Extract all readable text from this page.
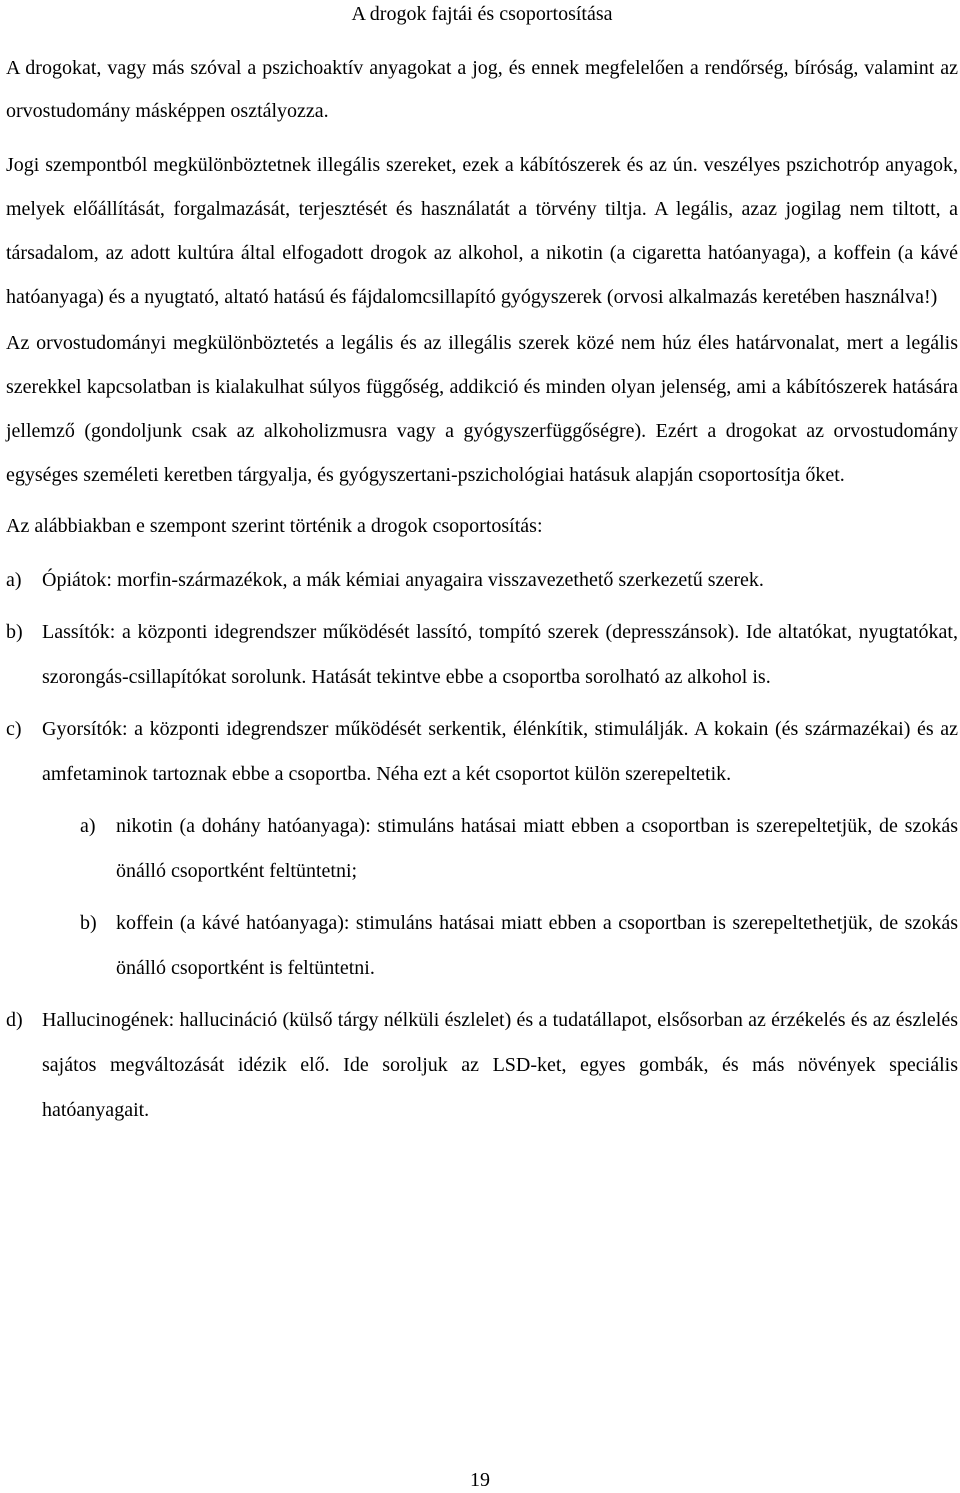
A drogok fajtái és csoportosítása

A drogokat, vagy más szóval a pszichoaktív anyagokat a jog, és ennek megfelelően a rendőrség, bíróság, valamint az orvostudomány másképpen osztályozza.

Jogi szempontból megkülönböztetnek illegális szereket, ezek a kábítószerek és az ún. veszélyes pszichotróp anyagok, melyek előállítását, forgalmazását, terjesztését és használatát a törvény tiltja. A legális, azaz jogilag nem tiltott, a társadalom, az adott kultúra által elfogadott drogok az alkohol, a nikotin (a cigaretta hatóanyaga), a koffein (a kávé hatóanyaga) és a nyugtató, altató hatású és fájdalomcsillapító gyógyszerek (orvosi alkalmazás keretében használva!)

Az orvostudományi megkülönböztetés a legális és az illegális szerek közé nem húz éles határvonalat, mert a legális szerekkel kapcsolatban is kialakulhat súlyos függőség, addikció és minden olyan jelenség, ami a kábítószerek hatására jellemző (gondoljunk csak az alkoholizmusra vagy a gyógyszerfüggőségre). Ezért a drogokat az orvostudomány egységes személeti keretben tárgyalja, és gyógyszertani-pszichológiai hatásuk alapján csoportosítja őket.

Az alábbiakban e szempont szerint történik a drogok csoportosítás:

a) Ópiátok: morfin-származékok, a mák kémiai anyagaira visszavezethető szerkezetű szerek.
b) Lassítók: a központi idegrendszer működését lassító, tompító szerek (depresszánsok). Ide altatókat, nyugtatókat, szorongás-csillapítókat sorolunk. Hatását tekintve ebbe a csoportba sorolható az alkohol is.
c) Gyorsítók: a központi idegrendszer működését serkentik, élénkítik, stimulálják. A kokain (és származékai) és az amfetaminok tartoznak ebbe a csoportba. Néha ezt a két csoportot külön szerepeltetik.
a) nikotin (a dohány hatóanyaga): stimuláns hatásai miatt ebben a csoportban is szerepeltetjük, de szokás önálló csoportként feltüntetni;
b) koffein (a kávé hatóanyaga): stimuláns hatásai miatt ebben a csoportban is szerepeltethetjük, de szokás önálló csoportként is feltüntetni.
d) Hallucinogének: hallucináció (külső tárgy nélküli észlelet) és a tudatállapot, elsősorban az érzékelés és az észlelés sajátos megváltozását idézik elő. Ide soroljuk az LSD-ket, egyes gombák, és más növények speciális hatóanyagait.
19
